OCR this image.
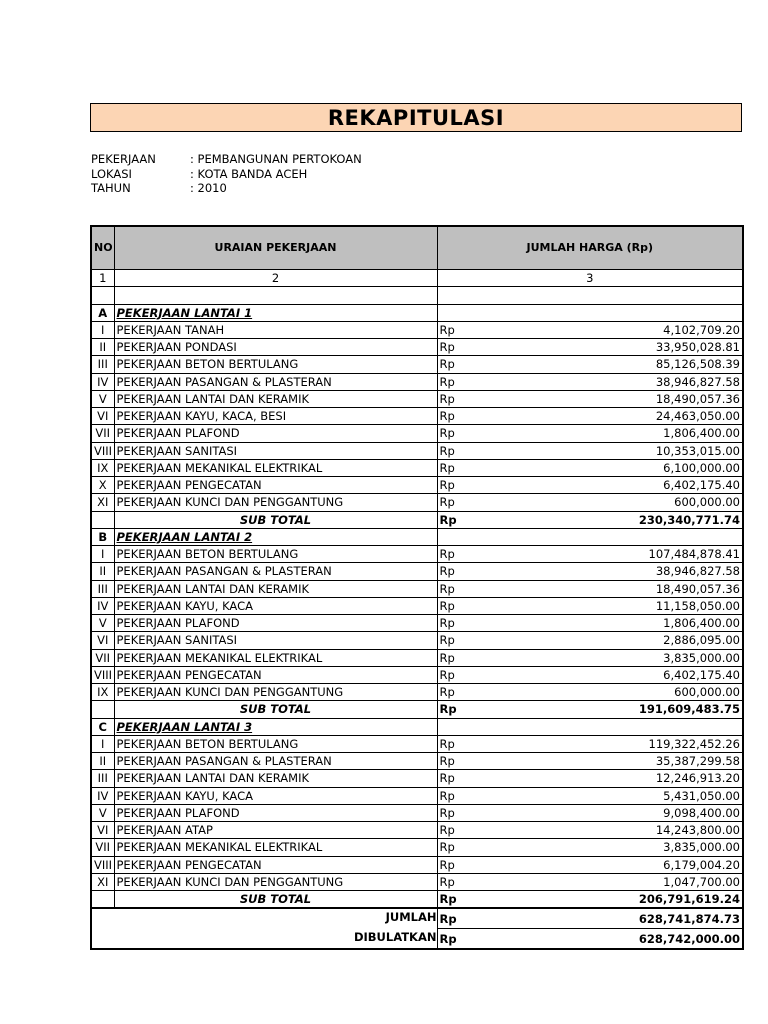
REKAPITULASI
PEKERJAAN	: PEMBANGUNAN PERTOKOAN
LOKASI	: KOTA BANDA ACEH
TAHUN	: 2010
NO	URAIAN PEKERJAAN	JUMLAH HARGA (Rp)	
1	2	3	

A	PEKERJAAN LANTAI 1		
I	PEKERJAAN TANAH	Rp	4,102,709.20
II	PEKERJAAN PONDASI	Rp	33,950,028.81
III	PEKERJAAN BETON BERTULANG	Rp	85,126,508.39
IV	PEKERJAAN PASANGAN & PLASTERAN	Rp	38,946,827.58
V	PEKERJAAN LANTAI DAN KERAMIK	Rp	18,490,057.36
VI	PEKERJAAN KAYU, KACA, BESI	Rp	24,463,050.00
VII	PEKERJAAN PLAFOND	Rp	1,806,400.00
VIII	PEKERJAAN SANITASI	Rp	10,353,015.00
IX	PEKERJAAN MEKANIKAL ELEKTRIKAL	Rp	6,100,000.00
X	PEKERJAAN PENGECATAN	Rp	6,402,175.40
XI	PEKERJAAN KUNCI DAN PENGGANTUNG	Rp	600,000.00
	SUB TOTAL	Rp	230,340,771.74
B	PEKERJAAN LANTAI 2		
I	PEKERJAAN BETON BERTULANG	Rp	107,484,878.41
II	PEKERJAAN PASANGAN & PLASTERAN	Rp	38,946,827.58
III	PEKERJAAN LANTAI DAN KERAMIK	Rp	18,490,057.36
IV	PEKERJAAN KAYU, KACA	Rp	11,158,050.00
V	PEKERJAAN PLAFOND	Rp	1,806,400.00
VI	PEKERJAAN SANITASI	Rp	2,886,095.00
VII	PEKERJAAN MEKANIKAL ELEKTRIKAL	Rp	3,835,000.00
VIII	PEKERJAAN PENGECATAN	Rp	6,402,175.40
IX	PEKERJAAN KUNCI DAN PENGGANTUNG	Rp	600,000.00
	SUB TOTAL	Rp	191,609,483.75
C	PEKERJAAN LANTAI 3		
I	PEKERJAAN BETON BERTULANG	Rp	119,322,452.26
II	PEKERJAAN PASANGAN & PLASTERAN	Rp	35,387,299.58
III	PEKERJAAN LANTAI DAN KERAMIK	Rp	12,246,913.20
IV	PEKERJAAN KAYU, KACA	Rp	5,431,050.00
V	PEKERJAAN PLAFOND	Rp	9,098,400.00
VI	PEKERJAAN ATAP	Rp	14,243,800.00
VII	PEKERJAAN MEKANIKAL ELEKTRIKAL	Rp	3,835,000.00
VIII	PEKERJAAN PENGECATAN	Rp	6,179,004.20
XI	PEKERJAAN KUNCI DAN PENGGANTUNG	Rp	1,047,700.00
	SUB TOTAL	Rp	206,791,619.24
JUMLAH		Rp	628,741,874.73
DIBULATKAN		Rp	628,742,000.00
